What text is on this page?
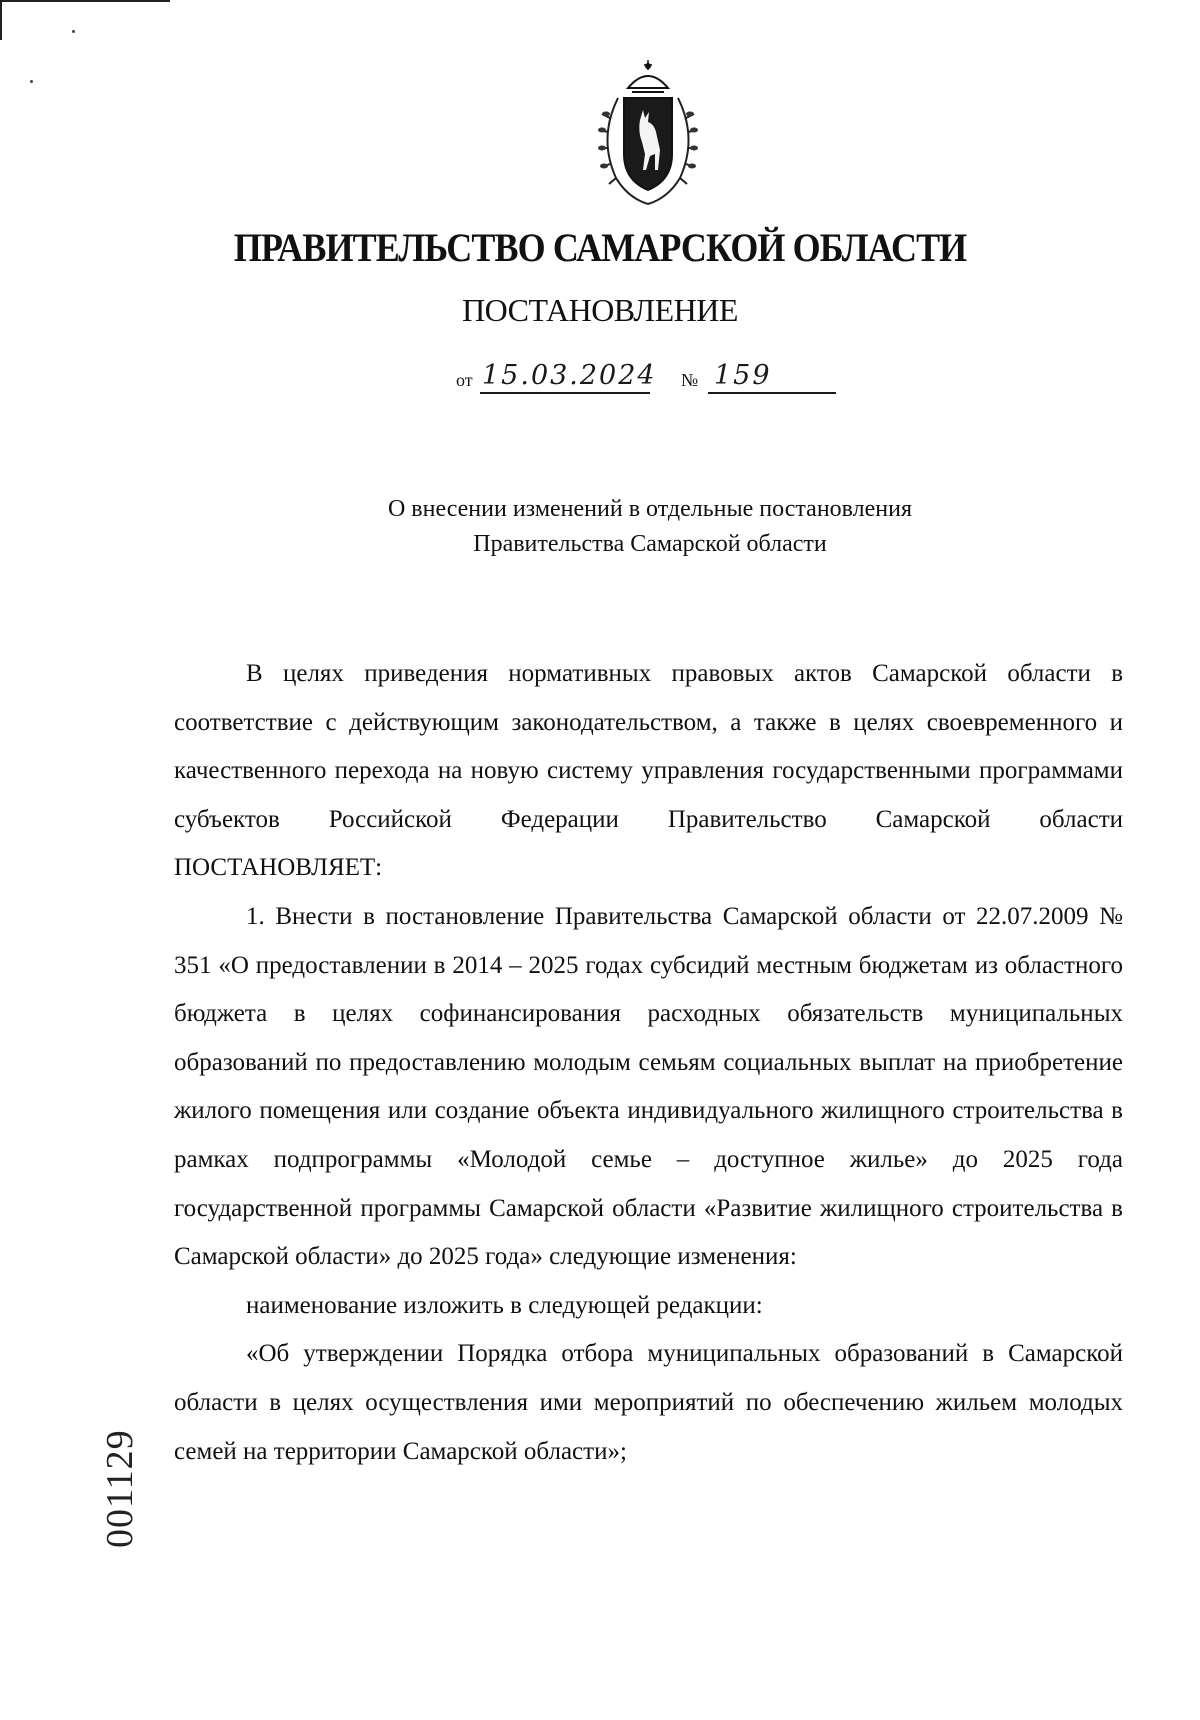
ПРАВИТЕЛЬСТВО САМАРСКОЙ ОБЛАСТИ
ПОСТАНОВЛЕНИЕ
от 15.03.2024 № 159
О внесении изменений в отдельные постановления
Правительства Самарской области

В целях приведения нормативных правовых актов Самарской области в соответствие с действующим законодательством, а также в целях своевременного и качественного перехода на новую систему управления государственными программами субъектов Российской Федерации Правительство Самарской области ПОСТАНОВЛЯЕТ:

1. Внести в постановление Правительства Самарской области от 22.07.2009 № 351 «О предоставлении в 2014 – 2025 годах субсидий местным бюджетам из областного бюджета в целях софинансирования расходных обязательств муниципальных образований по предоставлению молодым семьям социальных выплат на приобретение жилого помещения или создание объекта индивидуального жилищного строительства в рамках подпрограммы «Молодой семье – доступное жилье» до 2025 года государственной программы Самарской области «Развитие жилищного строительства в Самарской области» до 2025 года» следующие изменения:

наименование изложить в следующей редакции:

«Об утверждении Порядка отбора муниципальных образований в Самарской области в целях осуществления ими мероприятий по обеспечению жильем молодых семей на территории Самарской области»;

001129
